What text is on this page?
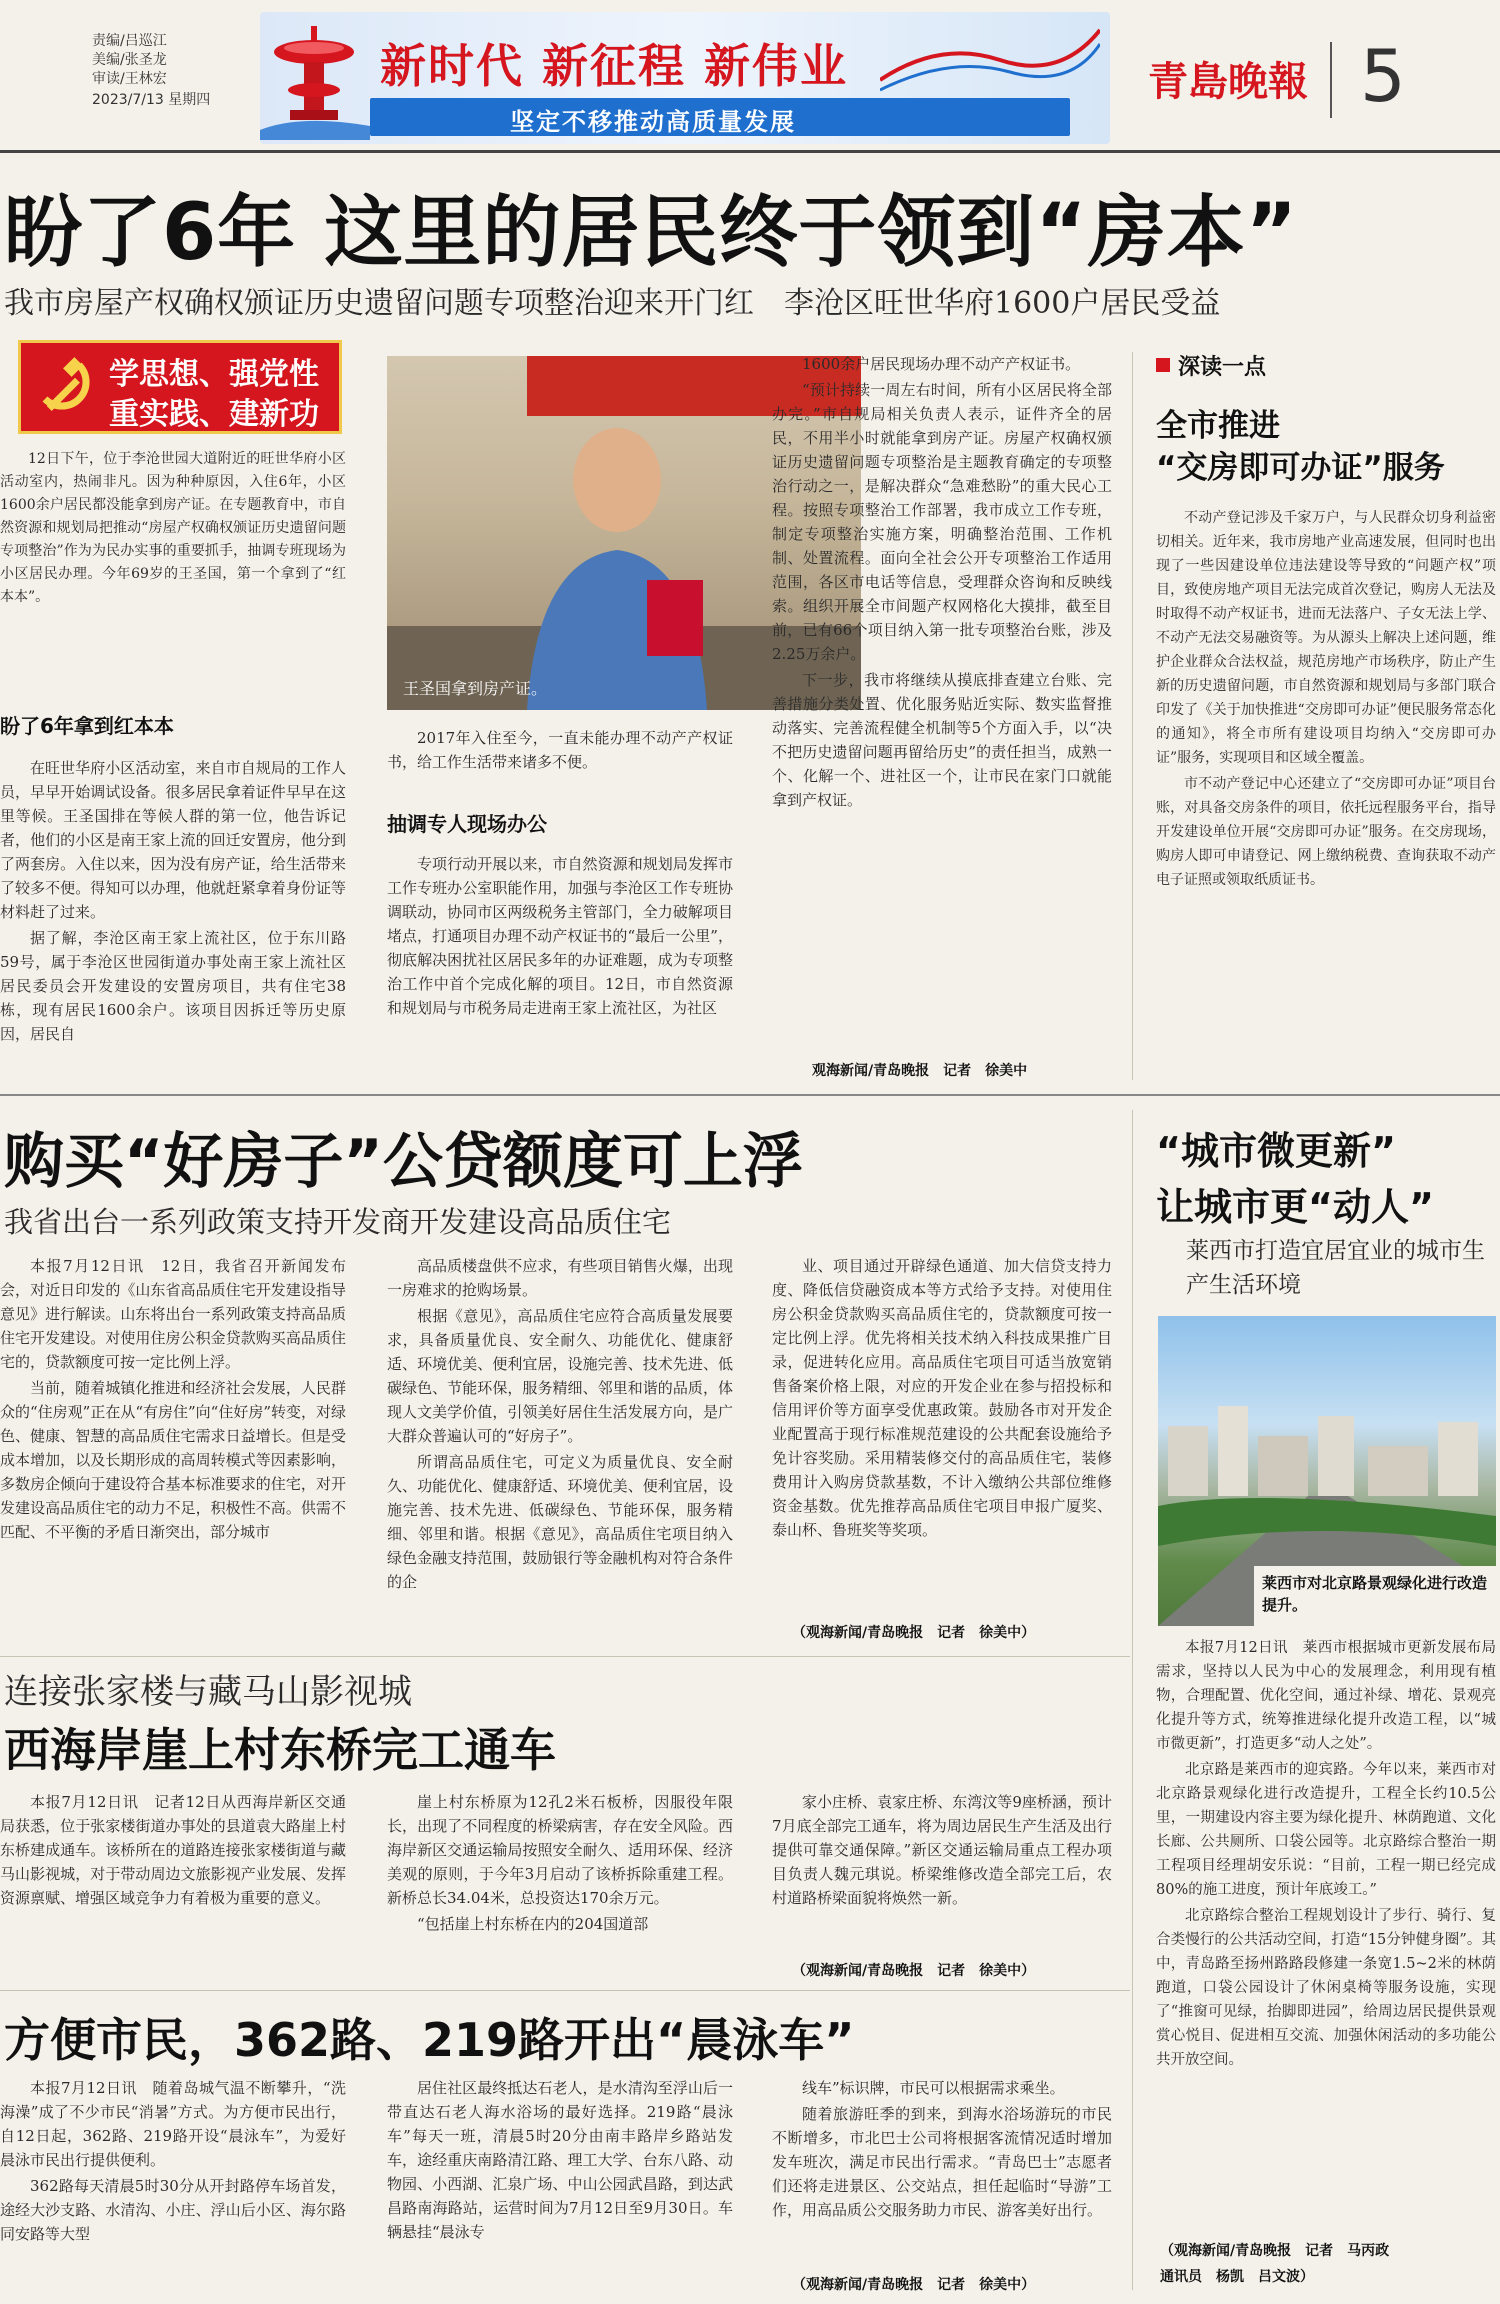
责编/吕巡江
美编/张圣龙
审读/王林宏
2023/7/13 星期四
新时代 新征程 新伟业
坚定不移推动高质量发展
青島晚報 5
盼了6年 这里的居民终于领到“房本”
我市房屋产权确权颁证历史遗留问题专项整治迎来开门红　李沧区旺世华府1600户居民受益
学思想、强党性
重实践、建新功

12日下午，位于李沧世园大道附近的旺世华府小区活动室内，热闹非凡。因为种种原因，入住6年，小区1600余户居民都没能拿到房产证。在专题教育中，市自然资源和规划局把推动“房屋产权确权颁证历史遗留问题专项整治”作为为民办实事的重要抓手，抽调专班现场为小区居民办理。今年69岁的王圣国，第一个拿到了“红本本”。

盼了6年拿到红本本

在旺世华府小区活动室，来自市自规局的工作人员，早早开始调试设备。很多居民拿着证件早早在这里等候。王圣国排在等候人群的第一位，他告诉记者，他们的小区是南王家上流的回迁安置房，他分到了两套房。入住以来，因为没有房产证，给生活带来了较多不便。得知可以办理，他就赶紧拿着身份证等材料赶了过来。

据了解，李沧区南王家上流社区，位于东川路59号，属于李沧区世园街道办事处南王家上流社区居民委员会开发建设的安置房项目，共有住宅38栋，现有居民1600余户。该项目因拆迁等历史原因，居民自

王圣国拿到房产证。

2017年入住至今，一直未能办理不动产产权证书，给工作生活带来诸多不便。

抽调专人现场办公

专项行动开展以来，市自然资源和规划局发挥市工作专班办公室职能作用，加强与李沧区工作专班协调联动，协同市区两级税务主管部门，全力破解项目堵点，打通项目办理不动产权证书的“最后一公里”，彻底解决困扰社区居民多年的办证难题，成为专项整治工作中首个完成化解的项目。12日，市自然资源和规划局与市税务局走进南王家上流社区，为社区

1600余户居民现场办理不动产产权证书。

“预计持续一周左右时间，所有小区居民将全部办完。”市自规局相关负责人表示，证件齐全的居民，不用半小时就能拿到房产证。房屋产权确权颁证历史遗留问题专项整治是主题教育确定的专项整治行动之一，是解决群众“急难愁盼”的重大民心工程。按照专项整治工作部署，我市成立工作专班，制定专项整治实施方案，明确整治范围、工作机制、处置流程。面向全社会公开专项整治工作适用范围，各区市电话等信息，受理群众咨询和反映线索。组织开展全市间题产权网格化大摸排，截至目前，已有66个项目纳入第一批专项整治台账，涉及2.25万余户。

下一步，我市将继续从摸底排查建立台账、完善措施分类处置、优化服务贴近实际、数实监督推动落实、完善流程健全机制等5个方面入手，以“决不把历史遗留问题再留给历史”的责任担当，成熟一个、化解一个、进社区一个，让市民在家门口就能拿到产权证。

观海新闻/青岛晚报　记者　徐美中
深读一点
全市推进
“交房即可办证”服务

不动产登记涉及千家万户，与人民群众切身利益密切相关。近年来，我市房地产业高速发展，但同时也出现了一些因建设单位违法建设等导致的“问题产权”项目，致使房地产项目无法完成首次登记，购房人无法及时取得不动产权证书，进而无法落户、子女无法上学、不动产无法交易融资等。为从源头上解决上述问题，维护企业群众合法权益，规范房地产市场秩序，防止产生新的历史遗留问题，市自然资源和规划局与多部门联合印发了《关于加快推进“交房即可办证”便民服务常态化的通知》，将全市所有建设项目均纳入“交房即可办证”服务，实现项目和区域全覆盖。

市不动产登记中心还建立了“交房即可办证”项目台账，对具备交房条件的项目，依托远程服务平台，指导开发建设单位开展“交房即可办证”服务。在交房现场，购房人即可申请登记、网上缴纳税费、查询获取不动产电子证照或领取纸质证书。

购买“好房子”公贷额度可上浮
我省出台一系列政策支持开发商开发建设高品质住宅

本报7月12日讯　12日，我省召开新闻发布会，对近日印发的《山东省高品质住宅开发建设指导意见》进行解读。山东将出台一系列政策支持高品质住宅开发建设。对使用住房公积金贷款购买高品质住宅的，贷款额度可按一定比例上浮。

当前，随着城镇化推进和经济社会发展，人民群众的“住房观”正在从“有房住”向“住好房”转变，对绿色、健康、智慧的高品质住宅需求日益增长。但是受成本增加，以及长期形成的高周转模式等因素影响，多数房企倾向于建设符合基本标准要求的住宅，对开发建设高品质住宅的动力不足，积极性不高。供需不匹配、不平衡的矛盾日渐突出，部分城市

高品质楼盘供不应求，有些项目销售火爆，出现一房难求的抢购场景。

根据《意见》，高品质住宅应符合高质量发展要求，具备质量优良、安全耐久、功能优化、健康舒适、环境优美、便利宜居，设施完善、技术先进、低碳绿色、节能环保，服务精细、邻里和谐的品质，体现人文美学价值，引领美好居住生活发展方向，是广大群众普遍认可的“好房子”。

所谓高品质住宅，可定义为质量优良、安全耐久、功能优化、健康舒适、环境优美、便利宜居，设施完善、技术先进、低碳绿色、节能环保，服务精细、邻里和谐。根据《意见》，高品质住宅项目纳入绿色金融支持范围，鼓励银行等金融机构对符合条件的企

业、项目通过开辟绿色通道、加大信贷支持力度、降低信贷融资成本等方式给予支持。对使用住房公积金贷款购买高品质住宅的，贷款额度可按一定比例上浮。优先将相关技术纳入科技成果推广目录，促进转化应用。高品质住宅项目可适当放宽销售备案价格上限，对应的开发企业在参与招投标和信用评价等方面享受优惠政策。鼓励各市对开发企业配置高于现行标准规范建设的公共配套设施给予免计容奖励。采用精装修交付的高品质住宅，装修费用计入购房贷款基数，不计入缴纳公共部位维修资金基数。优先推荐高品质住宅项目申报广厦奖、泰山杯、鲁班奖等奖项。

（观海新闻/青岛晚报　记者　徐美中）
连接张家楼与藏马山影视城
西海岸崖上村东桥完工通车

本报7月12日讯　记者12日从西海岸新区交通局获悉，位于张家楼街道办事处的县道袁大路崖上村东桥建成通车。该桥所在的道路连接张家楼街道与藏马山影视城，对于带动周边文旅影视产业发展、发挥资源禀赋、增强区域竞争力有着极为重要的意义。

崖上村东桥原为12孔2米石板桥，因服役年限长，出现了不同程度的桥梁病害，存在安全风险。西海岸新区交通运输局按照安全耐久、适用环保、经济美观的原则，于今年3月启动了该桥拆除重建工程。新桥总长34.04米，总投资达170余万元。

“包括崖上村东桥在内的204国道部

家小庄桥、袁家庄桥、东湾汶等9座桥涵，预计7月底全部完工通车，将为周边居民生产生活及出行提供可靠交通保障。”新区交通运输局重点工程办项目负责人魏元琪说。桥梁维修改造全部完工后，农村道路桥梁面貌将焕然一新。

（观海新闻/青岛晚报　记者　徐美中）
方便市民，362路、219路开出“晨泳车”

本报7月12日讯　随着岛城气温不断攀升，“洗海澡”成了不少市民“消暑”方式。为方便市民出行，自12日起，362路、219路开设“晨泳车”，为爱好晨泳市民出行提供便利。

362路每天清晨5时30分从开封路停车场首发，途经大沙支路、水清沟、小庄、浮山后小区、海尔路同安路等大型

居住社区最终抵达石老人，是水清沟至浮山后一带直达石老人海水浴场的最好选择。219路“晨泳车”每天一班，清晨5时20分由南丰路岸乡路站发车，途经重庆南路清江路、理工大学、台东八路、动物园、小西湖、汇泉广场、中山公园武昌路，到达武昌路南海路站，运营时间为7月12日至9月30日。车辆悬挂“晨泳专

线车”标识牌，市民可以根据需求乘坐。

随着旅游旺季的到来，到海水浴场游玩的市民不断增多，市北巴士公司将根据客流情况适时增加发车班次，满足市民出行需求。“青岛巴士”志愿者们还将走进景区、公交站点，担任起临时“导游”工作，用高品质公交服务助力市民、游客美好出行。

（观海新闻/青岛晚报　记者　徐美中）
“城市微更新”
让城市更“动人”
莱西市打造宜居宜业的城市生产生活环境
莱西市对北京路景观绿化进行改造提升。

本报7月12日讯　莱西市根据城市更新发展布局需求，坚持以人民为中心的发展理念，利用现有植物，合理配置、优化空间，通过补绿、增花、景观亮化提升等方式，统筹推进绿化提升改造工程，以“城市微更新”，打造更多“动人之处”。

北京路是莱西市的迎宾路。今年以来，莱西市对北京路景观绿化进行改造提升，工程全长约10.5公里，一期建设内容主要为绿化提升、林荫跑道、文化长廊、公共厕所、口袋公园等。北京路综合整治一期工程项目经理胡安乐说：“目前，工程一期已经完成80%的施工进度，预计年底竣工。”

北京路综合整治工程规划设计了步行、骑行、复合类慢行的公共活动空间，打造“15分钟健身圈”。其中，青岛路至扬州路路段修建一条宽1.5~2米的林荫跑道，口袋公园设计了休闲桌椅等服务设施，实现了“推窗可见绿，抬脚即进园”，给周边居民提供景观赏心悦目、促进相互交流、加强休闲活动的多功能公共开放空间。

（观海新闻/青岛晚报　记者　马丙政
通讯员　杨凯　吕文波）
